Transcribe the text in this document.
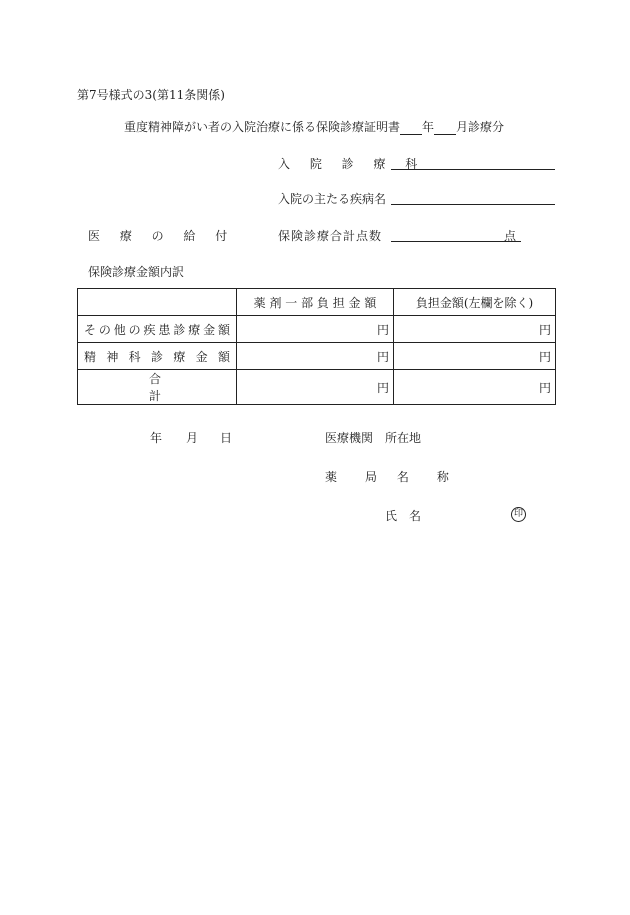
第7号様式の3(第11条関係)
重度精神障がい者の入院治療に係る保険診療証明書 年 月診療分
入 院 診 療 科
入院の主たる疾病名
医 療 の 給 付	保険診療合計点数	点
保険診療金額内訳
	薬 剤 一 部 負 担 金 額	負担金額(左欄を除く)
その他の疾患診療金額	円	円
精 神 科 診 療 金 額	円	円
合　計	円	円
年 月 日	医療機関　所在地
薬　局 名　称
氏　名	印
